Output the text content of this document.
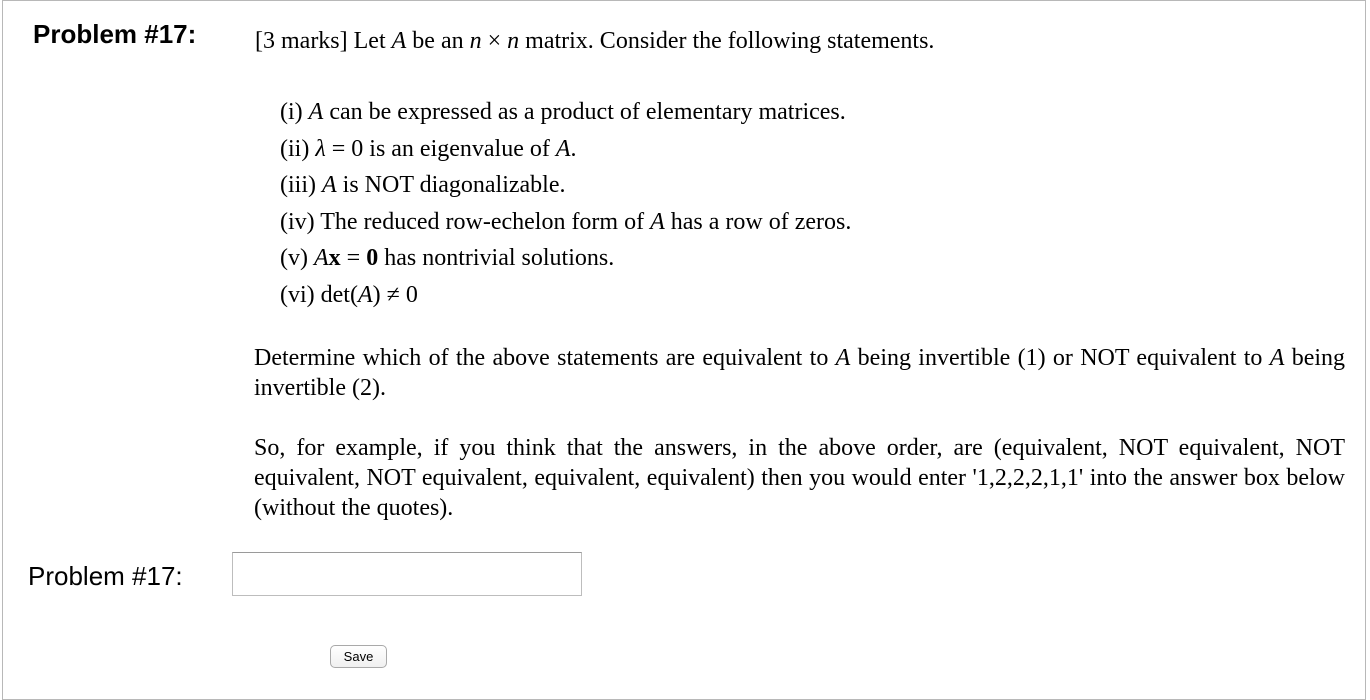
Problem #17: [3 marks] Let A be an n × n matrix. Consider the following statements.
(i) A can be expressed as a product of elementary matrices.
(ii) λ = 0 is an eigenvalue of A.
(iii) A is NOT diagonalizable.
(iv) The reduced row-echelon form of A has a row of zeros.
(v) Ax = 0 has nontrivial solutions.
(vi) det(A) ≠ 0
Determine which of the above statements are equivalent to A being invertible (1) or NOT equivalent to A being invertible (2).
So, for example, if you think that the answers, in the above order, are (equivalent, NOT equivalent, NOT equivalent, NOT equivalent, equivalent, equivalent) then you would enter '1,2,2,2,1,1' into the answer box below (without the quotes).
Problem #17:
Save
